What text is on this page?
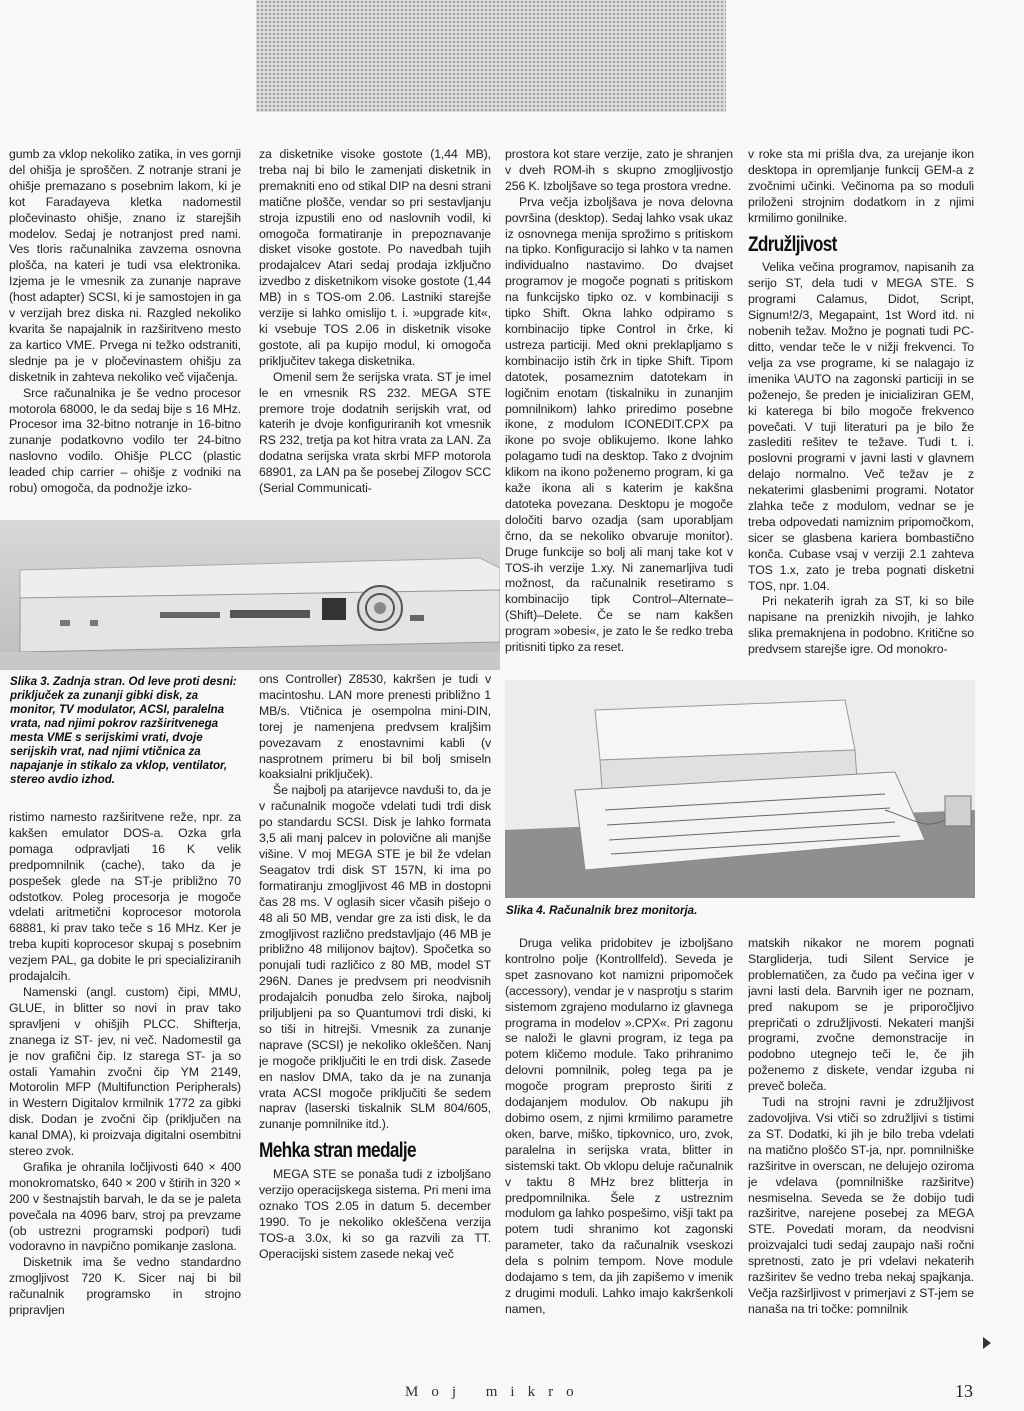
gumb za vklop nekoliko zatika, in ves gornji del ohišja je sproščen. Z notranje strani je ohišje premazano s posebnim lakom, ki je kot Faradayeva kletka nadomestil pločevinasto ohišje, znano iz starejših modelov. Sedaj je notranjost pred nami. Ves tloris računalnika zavzema osnovna plošča, na kateri je tudi vsa elektronika. Izjema je le vmesnik za zunanje naprave (host adapter) SCSI, ki je samostojen in ga v verzijah brez diska ni. Razgled nekoliko kvarita še napajalnik in razširitveno mesto za kartico VME. Prvega ni težko odstraniti, slednje pa je v pločevinastem ohišju za disketnik in zahteva nekoliko več vijačenja.

Srce računalnika je še vedno procesor motorola 68000, le da sedaj bije s 16 MHz. Procesor ima 32-bitno notranje in 16-bitno zunanje podatkovno vodilo ter 24-bitno naslovno vodilo. Ohišje PLCC (plastic leaded chip carrier – ohišje z vodniki na robu) omogoča, da podnožje izko-

za disketnike visoke gostote (1,44 MB), treba naj bi bilo le zamenjati disketnik in premakniti eno od stikal DIP na desni strani matične plošče, vendar so pri sestavljanju stroja izpustili eno od naslovnih vodil, ki omogoča formatiranje in prepoznavanje disket visoke gostote. Po navedbah tujih prodajalcev Atari sedaj prodaja izključno izvedbo z disketnikom visoke gostote (1,44 MB) in s TOS-om 2.06. Lastniki starejše verzije si lahko omislijo t. i. »upgrade kit«, ki vsebuje TOS 2.06 in disketnik visoke gostote, ali pa kupijo modul, ki omogoča priključitev takega disketnika.

Omenil sem že serijska vrata. ST je imel le en vmesnik RS 232. MEGA STE premore troje dodatnih serijskih vrat, od katerih je dvoje konfiguriranih kot vmesnik RS 232, tretja pa kot hitra vrata za LAN. Za dodatna serijska vrata skrbi MFP motorola 68901, za LAN pa še posebej Zilogov SCC (Serial Communicati-

prostora kot stare verzije, zato je shranjen v dveh ROM-ih s skupno zmogljivostjo 256 K. Izboljšave so tega prostora vredne.

Prva večja izboljšava je nova delovna površina (desktop). Sedaj lahko vsak ukaz iz osnovnega menija sprožimo s pritiskom na tipko. Konfiguracijo si lahko v ta namen individualno nastavimo. Do dvajset programov je mogoče pognati s pritiskom na funkcijsko tipko oz. v kombinaciji s tipko Shift. Okna lahko odpiramo s kombinacijo tipke Control in črke, ki ustreza particiji. Med okni preklapljamo s kombinacijo istih črk in tipke Shift. Tipom datotek, posameznim datotekam in logičnim enotam (tiskalniku in zunanjim pomnilnikom) lahko priredimo posebne ikone, z modulom ICONEDIT.CPX pa ikone po svoje oblikujemo. Ikone lahko polagamo tudi na desktop. Tako z dvojnim klikom na ikono poženemo program, ki ga kaže ikona ali s katerim je kakšna datoteka povezana. Desktopu je mogoče določiti barvo ozadja (sam uporabljam črno, da se nekoliko obvaruje monitor). Druge funkcije so bolj ali manj take kot v TOS-ih verzije 1.xy. Ni zanemarljiva tudi možnost, da računalnik resetiramo s kombinacijo tipk Control–Alternate–(Shift)–Delete. Če se nam kakšen program »obesi«, je zato le še redko treba pritisniti tipko za reset.

v roke sta mi prišla dva, za urejanje ikon desktopa in opremljanje funkcij GEM-a z zvočnimi učinki. Večinoma pa so moduli priloženi strojnim dodatkom in z njimi krmilimo gonilnike.

Združljivost

Velika večina programov, napisanih za serijo ST, dela tudi v MEGA STE. S programi Calamus, Didot, Script, Signum!2/3, Megapaint, 1st Word itd. ni nobenih težav. Možno je pognati tudi PC-ditto, vendar teče le v nižji frekvenci. To velja za vse programe, ki se nalagajo iz imenika \AUTO na zagonski particiji in se poženejo, še preden je inicializiran GEM, ki katerega bi bilo mogoče frekvenco povečati. V tuji literaturi pa je bilo že zaslediti rešitev te težave. Tudi t. i. poslovni programi v javni lasti v glavnem delajo normalno. Več težav je z nekaterimi glasbenimi programi. Notator zlahka teče z modulom, vednar se je treba odpovedati namiznim pripomočkom, sicer se glasbena kariera bombastično konča. Cubase vsaj v verziji 2.1 zahteva TOS 1.x, zato je treba pognati disketni TOS, npr. 1.04.

Pri nekaterih igrah za ST, ki so bile napisane na prenizkih nivojih, je lahko slika premaknjena in podobno. Kritične so predvsem starejše igre. Od monokro-

Slika 3. Zadnja stran. Od leve proti desni: priključek za zunanji gibki disk, za monitor, TV modulator, ACSI, paralelna vrata, nad njimi pokrov razširitvenega mesta VME s serijskimi vrati, dvoje serijskih vrat, nad njimi vtičnica za napajanje in stikalo za vklop, ventilator, stereo avdio izhod.

ristimo namesto razširitvene reže, npr. za kakšen emulator DOS-a. Ozka grla pomaga odpravljati 16 K velik predpomnilnik (cache), tako da je pospešek glede na ST-je približno 70 odstotkov. Poleg procesorja je mogoče vdelati aritmetični koprocesor motorola 68881, ki prav tako teče s 16 MHz. Ker je treba kupiti koprocesor skupaj s posebnim vezjem PAL, ga dobite le pri specializiranih prodajalcih.

Namenski (angl. custom) čipi, MMU, GLUE, in blitter so novi in prav tako spravljeni v ohišjih PLCC. Shifterja, znanega iz ST- jev, ni več. Nadomestil ga je nov grafični čip. Iz starega ST- ja so ostali Yamahin zvočni čip YM 2149, Motorolin MFP (Multifunction Peripherals) in Western Digitalov krmilnik 1772 za gibki disk. Dodan je zvočni čip (priključen na kanal DMA), ki proizvaja digitalni osembitni stereo zvok.

Grafika je ohranila ločljivosti 640 × 400 monokromatsko, 640 × 200 v štirih in 320 × 200 v šestnajstih barvah, le da se je paleta povečala na 4096 barv, stroj pa prevzame (ob ustrezni programski podpori) tudi vodoravno in navpično pomikanje zaslona.

Disketnik ima še vedno standardno zmogljivost 720 K. Sicer naj bi bil računalnik programsko in strojno pripravljen

ons Controller) Z8530, kakršen je tudi v macintoshu. LAN more prenesti približno 1 MB/s. Vtičnica je osempolna mini-DIN, torej je namenjena predvsem kraljšim povezavam z enostavnimi kabli (v nasprotnem primeru bi bil bolj smiseln koaksialni priključek).

Še najbolj pa atarijevce navduši to, da je v računalnik mogoče vdelati tudi trdi disk po standardu SCSI. Disk je lahko formata 3,5 ali manj palcev in polovične ali manjše višine. V moj MEGA STE je bil že vdelan Seagatov trdi disk ST 157N, ki ima po formatiranju zmogljivost 46 MB in dostopni čas 28 ms. V oglasih sicer včasih pišejo o 48 ali 50 MB, vendar gre za isti disk, le da zmogljivost različno predstavljajo (46 MB je približno 48 milijonov bajtov). Spočetka so ponujali tudi različico z 80 MB, model ST 296N. Danes je predvsem pri neodvisnih prodajalcih ponudba zelo široka, najbolj priljubljeni pa so Quantumovi trdi diski, ki so tiši in hitrejši. Vmesnik za zunanje naprave (SCSI) je nekoliko okleščen. Nanj je mogoče priključiti le en trdi disk. Zasede en naslov DMA, tako da je na zunanja vrata ACSI mogoče priključiti še sedem naprav (laserski tiskalnik SLM 804/605, zunanje pomnilnike itd.).

Mehka stran medalje

MEGA STE se ponaša tudi z izboljšano verzijo operacijskega sistema. Pri meni ima oznako TOS 2.05 in datum 5. december 1990. To je nekoliko okleščena verzija TOS-a 3.0x, ki so ga razvili za TT. Operacijski sistem zasede nekaj več

Slika 4. Računalnik brez monitorja.

Druga velika pridobitev je izboljšano kontrolno polje (Kontrollfeld). Seveda je spet zasnovano kot namizni pripomoček (accessory), vendar je v nasprotju s starim sistemom zgrajeno modularno iz glavnega programa in modelov ».CPX«. Pri zagonu se naloži le glavni program, iz tega pa potem kličemo module. Tako prihranimo delovni pomnilnik, poleg tega pa je mogoče program preprosto širiti z dodajanjem modulov. Ob nakupu jih dobimo osem, z njimi krmilimo parametre oken, barve, miško, tipkovnico, uro, zvok, paralelna in serijska vrata, blitter in sistemski takt. Ob vklopu deluje računalnik v taktu 8 MHz brez blitterja in predpomnilnika. Šele z ustreznim modulom ga lahko pospešimo, višji takt pa potem tudi shranimo kot zagonski parameter, tako da računalnik vseskozi dela s polnim tempom. Nove module dodajamo s tem, da jih zapišemo v imenik z drugimi moduli. Lahko imajo kakršenkoli namen,

matskih nikakor ne morem pognati Stargliderja, tudi Silent Service je problematičen, za čudo pa večina iger v javni lasti dela. Barvnih iger ne poznam, pred nakupom se je priporočljivo prepričati o združljivosti. Nekateri manjši programi, zvočne demonstracije in podobno utegnejo teči le, če jih poženemo z diskete, vendar izguba ni preveč boleča.

Tudi na strojni ravni je združljivost zadovoljiva. Vsi vtiči so združljivi s tistimi za ST. Dodatki, ki jih je bilo treba vdelati na matično ploščo ST-ja, npr. pomnilniške razširitve in overscan, ne delujejo oziroma je vdelava (pomnilniške razširitve) nesmiselna. Seveda se že dobijo tudi razširitve, narejene posebej za MEGA STE. Povedati moram, da neodvisni proizvajalci tudi sedaj zaupajo naši ročni spretnosti, zato je pri vdelavi nekaterih razširitev še vedno treba nekaj spajkanja. Večja razširljivost v primerjavi z ST-jem se nanaša na tri točke: pomnilnik

Moj mikro	13
